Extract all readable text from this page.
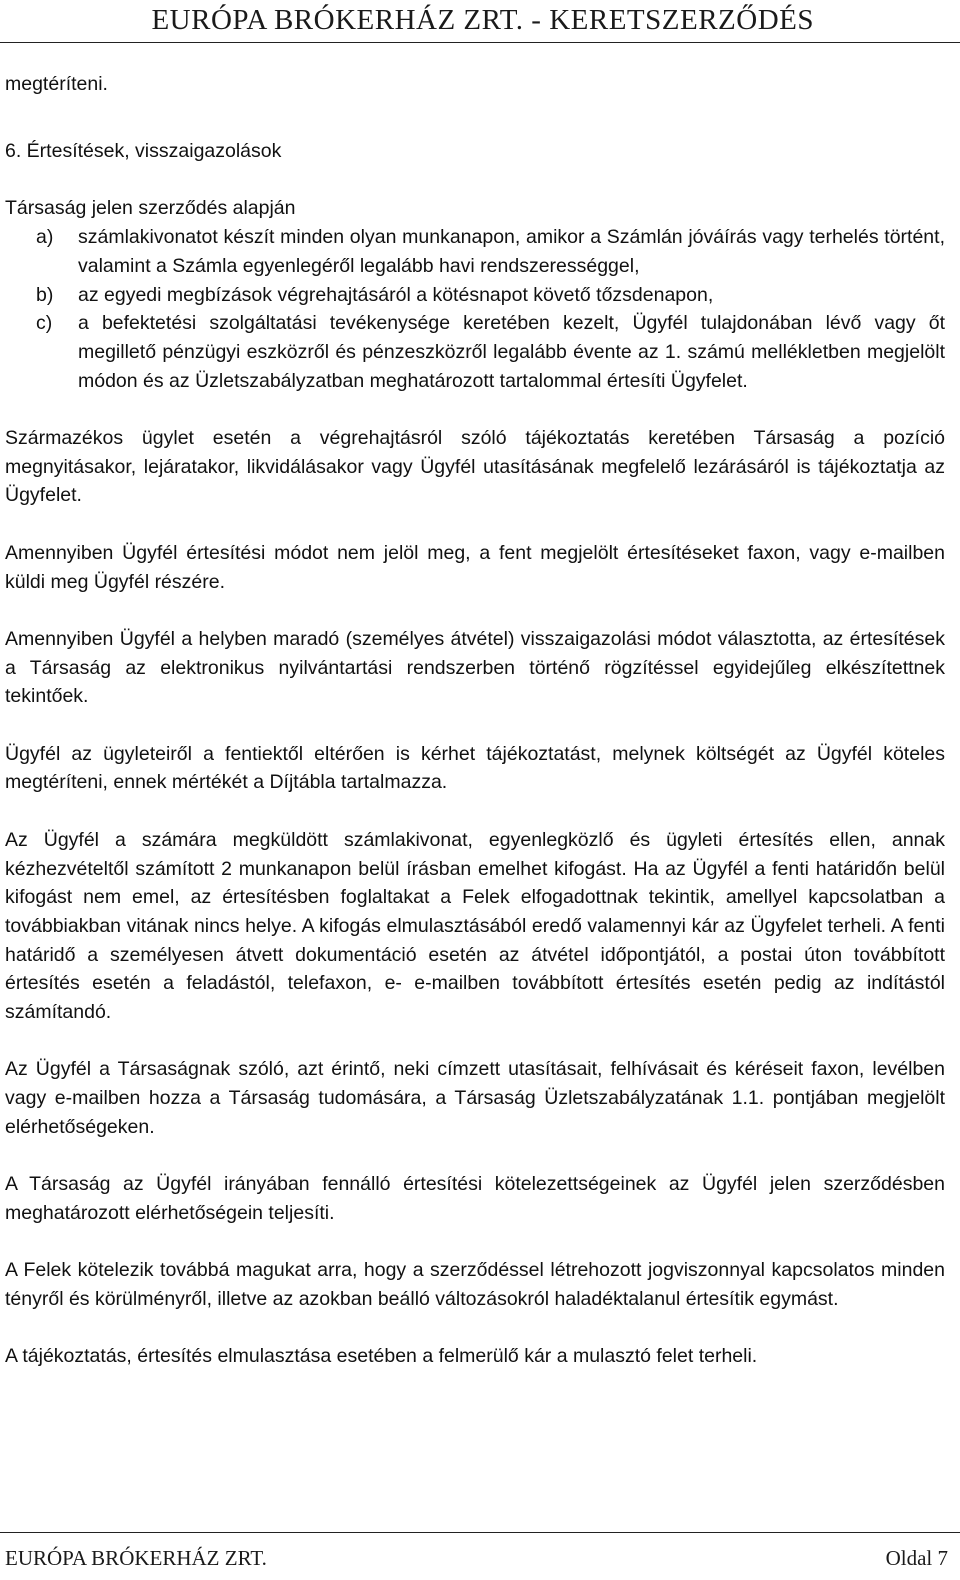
EURÓPA BRÓKERHÁZ ZRT. - KERETSZERZŐDÉS

megtéríteni.

6. Értesítések, visszaigazolások

Társaság jelen szerződés alapján

a)	számlakivonatot készít minden olyan munkanapon, amikor a Számlán jóváírás vagy terhelés történt, valamint a Számla egyenlegéről legalább havi rendszerességgel,
b)	az egyedi megbízások végrehajtásáról a kötésnapot követő tőzsdenapon,
c)	a befektetési szolgáltatási tevékenysége keretében kezelt, Ügyfél tulajdonában lévő vagy őt megillető pénzügyi eszközről és pénzeszközről legalább évente az 1. számú mellékletben megjelölt módon és az Üzletszabályzatban meghatározott tartalommal értesíti Ügyfelet.

Származékos ügylet esetén a végrehajtásról szóló tájékoztatás keretében Társaság a pozíció megnyitásakor, lejáratakor, likvidálásakor vagy Ügyfél utasításának megfelelő lezárásáról is tájékoztatja az Ügyfelet.

Amennyiben Ügyfél értesítési módot nem jelöl meg, a fent megjelölt értesítéseket faxon, vagy e-mailben küldi meg Ügyfél részére.

Amennyiben Ügyfél a helyben maradó (személyes átvétel) visszaigazolási módot választotta, az értesítések a Társaság az elektronikus nyilvántartási rendszerben történő rögzítéssel egyidejűleg elkészítettnek tekintőek.

Ügyfél az ügyleteiről a fentiektől eltérően is kérhet tájékoztatást, melynek költségét az Ügyfél köteles megtéríteni, ennek mértékét a Díjtábla tartalmazza.

Az Ügyfél a számára megküldött számlakivonat, egyenlegközlő és ügyleti értesítés ellen, annak kézhezvételtől számított 2 munkanapon belül írásban emelhet kifogást. Ha az Ügyfél a fenti határidőn belül kifogást nem emel, az értesítésben foglaltakat a Felek elfogadottnak tekintik, amellyel kapcsolatban a továbbiakban vitának nincs helye. A kifogás elmulasztásából eredő valamennyi kár az Ügyfelet terheli. A fenti határidő a személyesen átvett dokumentáció esetén az átvétel időpontjától, a postai úton továbbított értesítés esetén a feladástól, telefaxon, e- e-mailben továbbított értesítés esetén pedig az indítástól számítandó.

Az Ügyfél a Társaságnak szóló, azt érintő, neki címzett utasításait, felhívásait és kéréseit faxon, levélben vagy e-mailben hozza a Társaság tudomására, a Társaság Üzletszabályzatának 1.1. pontjában megjelölt elérhetőségeken.

A Társaság az Ügyfél irányában fennálló értesítési kötelezettségeinek az Ügyfél jelen szerződésben meghatározott elérhetőségein teljesíti.

A Felek kötelezik továbbá magukat arra, hogy a szerződéssel létrehozott jogviszonnyal kapcsolatos minden tényről és körülményről, illetve az azokban beálló változásokról haladéktalanul értesítik egymást.

A tájékoztatás, értesítés elmulasztása esetében a felmerülő kár a mulasztó felet terheli.

EURÓPA BRÓKERHÁZ ZRT.	Oldal 7
